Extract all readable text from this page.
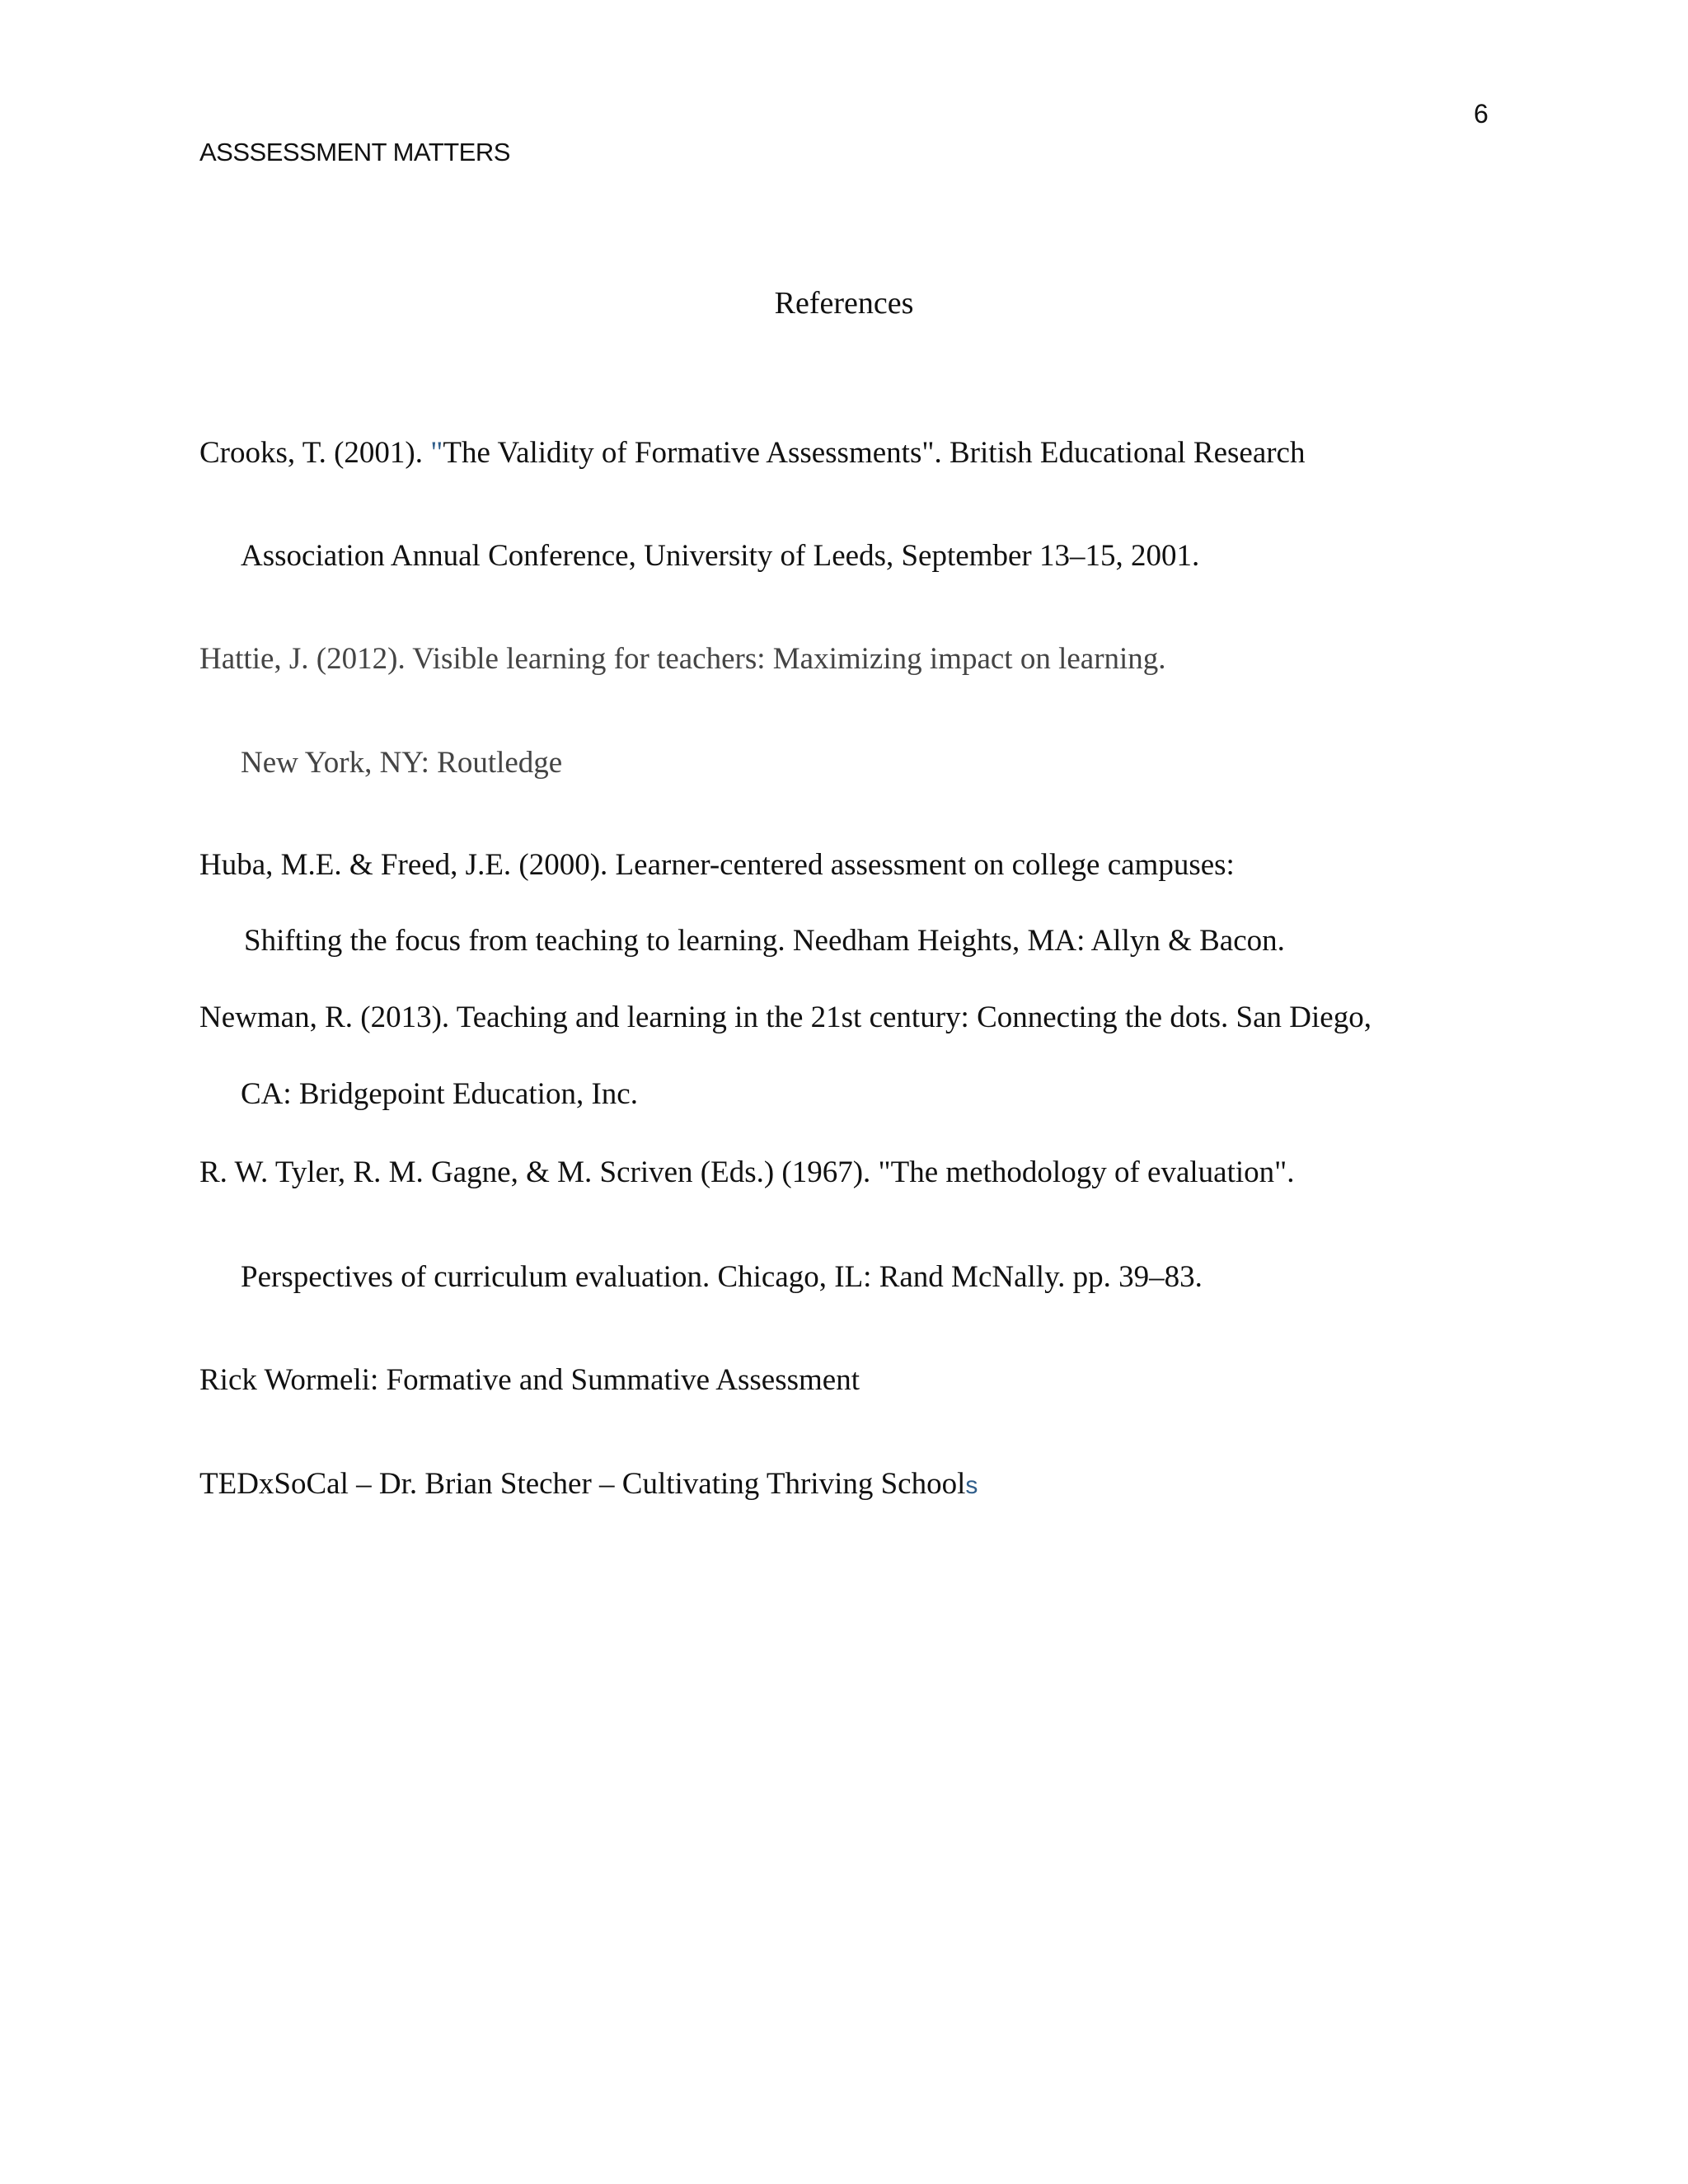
6
ASSSESSMENT MATTERS
References
Crooks, T. (2001). "The Validity of Formative Assessments". British Educational Research
Association Annual Conference, University of Leeds, September 13–15, 2001.
Hattie, J. (2012). Visible learning for teachers: Maximizing impact on learning.
New York, NY: Routledge
Huba, M.E. & Freed, J.E. (2000). Learner-centered assessment on college campuses:
Shifting the focus from teaching to learning. Needham Heights, MA: Allyn & Bacon.
Newman, R. (2013). Teaching and learning in the 21st century: Connecting the dots. San Diego,
CA: Bridgepoint Education, Inc.
R. W. Tyler, R. M. Gagne, & M. Scriven (Eds.) (1967). "The methodology of evaluation".
Perspectives of curriculum evaluation. Chicago, IL: Rand McNally. pp. 39–83.
Rick Wormeli: Formative and Summative Assessment
TEDxSoCal – Dr. Brian Stecher – Cultivating Thriving Schools
